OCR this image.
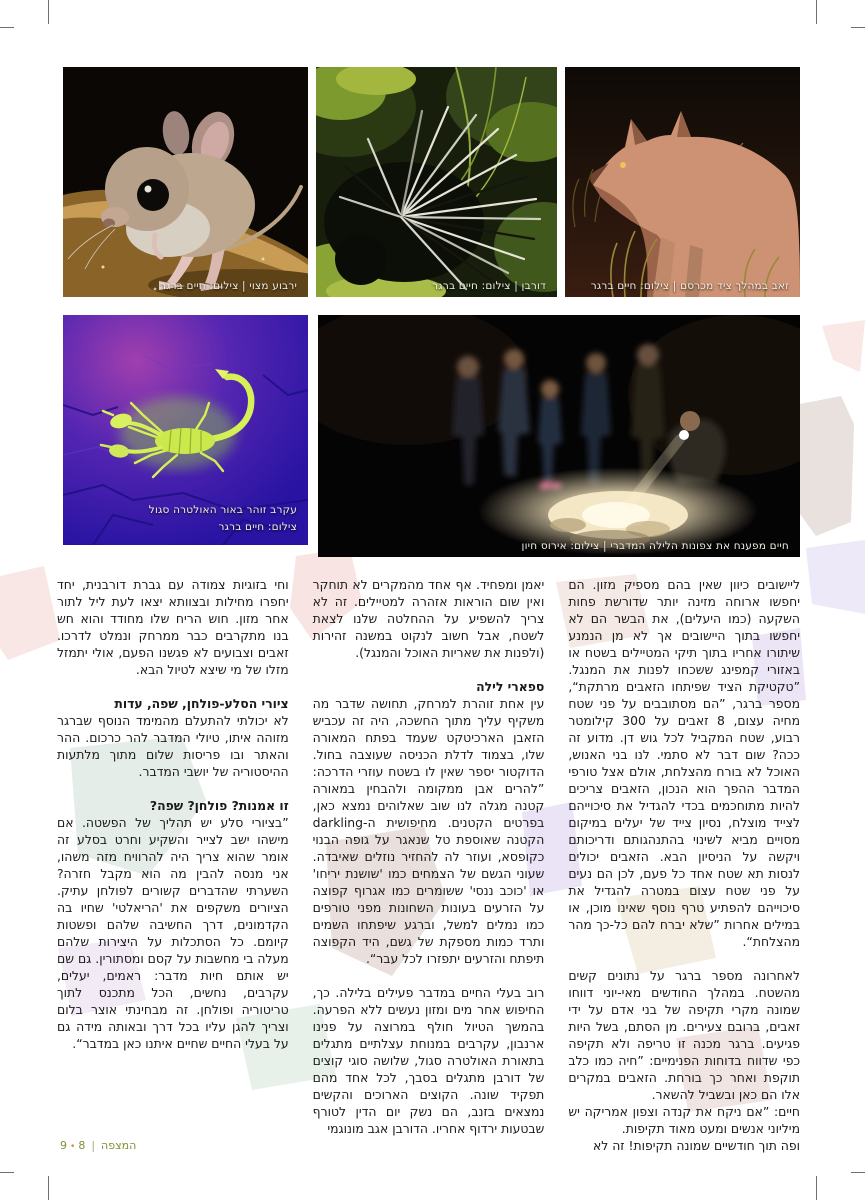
ירבוע מצוי | צילום: חיים ברגר	דורבן | צילום: חיים ברגר	זאב במהלך ציד מכרסם | צילום: חיים ברגר
עקרב זוהר באור האולטרה סגול
צילום: חיים ברגר
חיים מפענח את צפונות הלילה המדברי | צילום: אירוס חיון

ליישובים כיוון שאין בהם מספיק מזון. הם יחפשו ארוחה מזינה יותר שדורשת פחות השקעה (כמו היעלים), את הבשר הם לא יחפשו בתוך היישובים אך לא מן הנמנע שיתורו אחריו בתוך תיקי המטיילים בשטח או באזורי קמפינג ששכחו לפנות את המנגל. ”טקטיקת הציד שפיתחו הזאבים מרתקת“, מספר ברגר, ”הם מסתובבים על פני שטח מחיה עצום, 8 זאבים על 300 קילומטר רבוע, שטח המקביל לכל גוש דן. מדוע זה ככה? שום דבר לא סתמי. לנו בני האנוש, האוכל לא בורח מהצלחת, אולם אצל טורפי המדבר ההפך הוא הנכון, הזאבים צריכים להיות מתוחכמים בכדי להגדיל את סיכוייהם לצייד מוצלח, נסיון צייד של יעלים במיקום מסויים מביא לשינוי בהתנהגותם ודריכותם ויקשה על הניסיון הבא. הזאבים יכולים לנסות תא שטח אחד כל פעם, לכן הם נעים על פני שטח עצום במטרה להגדיל את סיכוייהם להפתיע טרף נוסף שאינו מוכן, או במילים אחרות ”שלא יברח להם כל-כך מהר מהצלחת“.

לאחרונה מספר ברגר על נתונים קשים מהשטח. במהלך החודשים מאי-יוני דווחו שמונה מקרי תקיפה של בני אדם על ידי זאבים, ברובם צעירים. מן הסתם, בשל היות פגיעים. ברגר מכנה זו טריפה ולא תקיפה כפי שדווח בדוחות הפנימיים: ”חיה כמו כלב תוקפת ואחר כך בורחת. הזאבים במקרים אלו הם כאן ובשביל להשאר.

חיים: ”אם ניקח את קנדה וצפון אמריקה יש מיליוני אנשים ומעט מאוד תקיפות.

ופה תוך חודשיים שמונה תקיפות! זה לא

יאמן ומפחיד. אף אחד מהמקרים לא תוחקר ואין שום הוראות אזהרה למטיילים. זה לא צריך להשפיע על ההחלטה שלנו לצאת לשטח, אבל חשוב לנקוט במשנה זהירות (ולפנות את שאריות האוכל והמנגל).

ספארי לילה

עין אחת זוהרת למרחק, תחושה שדבר מה משקיף עליך מתוך החשכה, היה זה עכביש הזאבן הארכיטקט שעמד בפתח המאורה שלו, בצמוד לדלת הכניסה שעוצבה בחול. הדוקטור יספר שאין לו בשטח עוזרי הדרכה: ”להרים אבן ממקומה ולהבחין במאורה קטנה מגלה לנו שוב שאלוהים נמצא כאן, בפרטים הקטנים. מחיפושית ה-darkling הקטנה שאוספת טל שנאגר על גופה הבנוי כקופסא, ועוזר לה להחזיר נוזלים שאיבדה. שעוני הגשם של הצמחים כמו 'שושנת יריחו' או 'כוכב ננסי' ששומרים כמו אגרוף קפוצה על הזרעים בעונות השחונות מפני טורפים כמו נמלים למשל, וברגע שיפתחו השמים ותרד כמות מספקת של גשם, היד הקפוצה תיפתח והזרעים יתפזרו לכל עבר“.

רוב בעלי החיים במדבר פעילים בלילה. כך, החיפוש אחר מים ומזון נעשים ללא הפרעה. בהמשך הטיול חולף במרוצה על פנינו ארנבון, עקרבים במנוחת עצלתיים מתגלים בתאורת האולטרה סגול, שלושה סוגי קוצים של דורבן מתגלים בסבך, לכל אחד מהם תפקיד שונה. הקוצים הארוכים והקשים נמצאים בזנב, הם נשק יום הדין לטורף שבטעות ירדוף אחריו. הדורבן אגב מונוגמי

וחי בזוגיות צמודה עם גברת דורבנית, יחד יחפרו מחילות ובצוותא יצאו לעת ליל לתור אחר מזון. חוש הריח שלו מחודד והוא חש בנו מתקרבים כבר ממרחק ונמלט לדרכו. זאבים וצבועים לא פגשנו הפעם, אולי יתמזל מזלו של מי שיצא לטיול הבא.

ציורי הסלע-פולחן, שפה, עדות

לא יכולתי להתעלם מהמימד הנוסף שברגר מזוהה איתו, טיולי המדבר להר כרכום. ההר והאתר ובו פריסות שלום מתוך מלתעות ההיסטוריה של יושבי המדבר.

זו אמנות? פולחן? שפה?

”בציורי סלע יש תהליך של הפשטה. אם מישהו ישב לצייר והשקיע וחרט בסלע זה אומר שהוא צריך היה להרוויח מזה משהו, אני מנסה להבין מה הוא מקבל חזרה? השערתי שהדברים קשורים לפולחן עתיק. הציורים משקפים את 'הריאלטי' שחיו בה הקדמונים, דרך החשיבה שלהם ופשטות קיומם. כל הסתכלות על היצירות שלהם מעלה בי מחשבות על קסם ומסתורין. גם שם יש אותם חיות מדבר: ראמים, יעלים, עקרבים, נחשים, הכל מתכנס לתוך טריטוריה ופולחן. זה מבחינתי אוצר בלום וצריך להגן עליו בכל דרך ובאותה מידה גם על בעלי החיים שחיים איתנו כאן במדבר“.

המצפה|8•9
